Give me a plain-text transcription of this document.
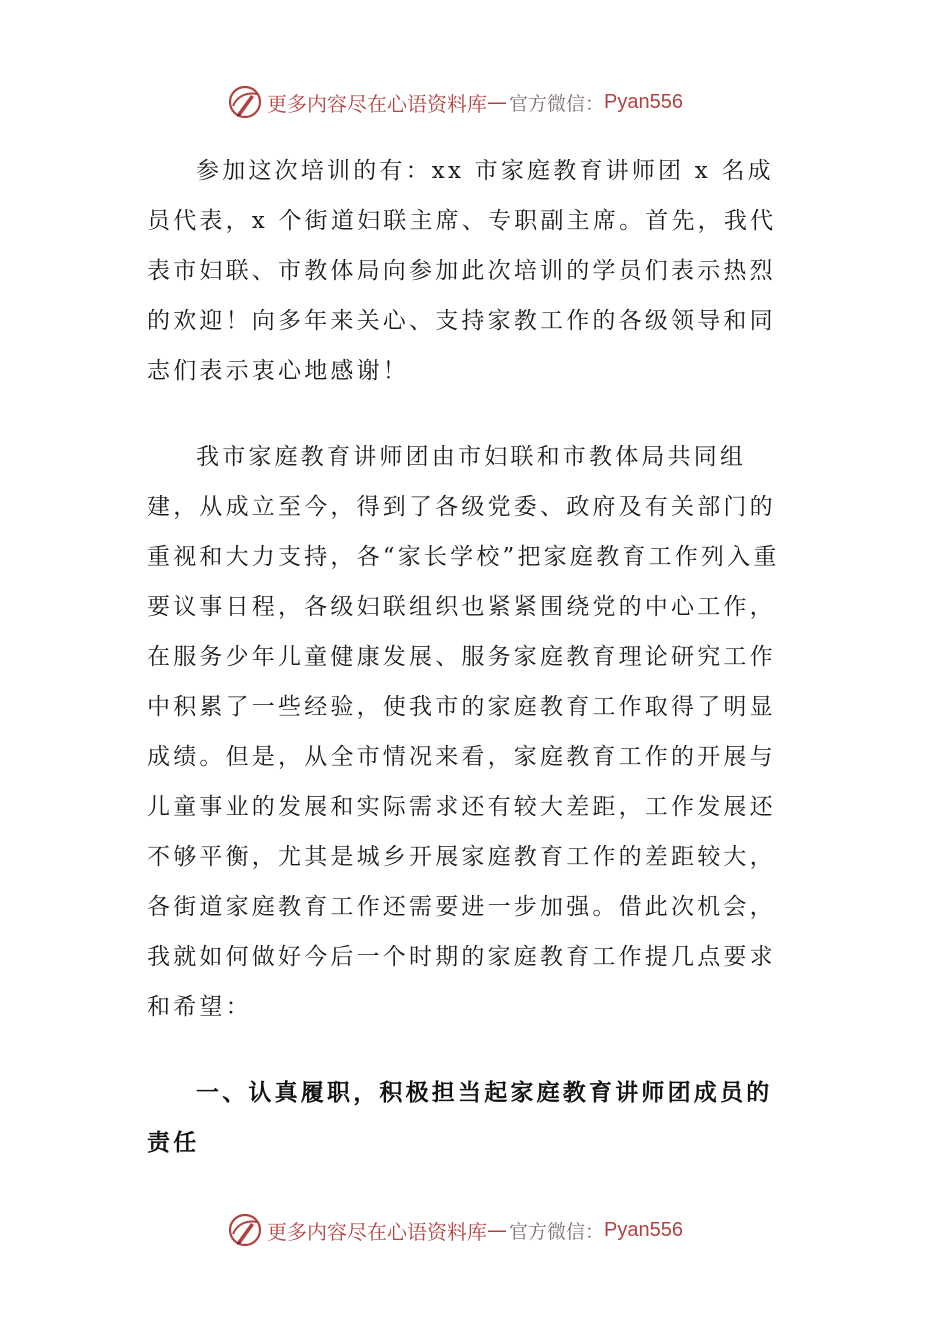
更多内容尽在心语资料库 — 官方微信： Pyan556

参加这次培训的有：xx 市家庭教育讲师团 x 名成员代表，x 个街道妇联主席、专职副主席。首先，我代表市妇联、市教体局向参加此次培训的学员们表示热烈的欢迎！向多年来关心、支持家教工作的各级领导和同志们表示衷心地感谢！

我市家庭教育讲师团由市妇联和市教体局共同组建，从成立至今，得到了各级党委、政府及有关部门的重视和大力支持，各“家长学校”把家庭教育工作列入重要议事日程，各级妇联组织也紧紧围绕党的中心工作，在服务少年儿童健康发展、服务家庭教育理论研究工作中积累了一些经验，使我市的家庭教育工作取得了明显成绩。但是，从全市情况来看，家庭教育工作的开展与儿童事业的发展和实际需求还有较大差距，工作发展还不够平衡，尤其是城乡开展家庭教育工作的差距较大，各街道家庭教育工作还需要进一步加强。借此次机会，我就如何做好今后一个时期的家庭教育工作提几点要求和希望：

一、认真履职，积极担当起家庭教育讲师团成员的责任

更多内容尽在心语资料库 — 官方微信： Pyan556
